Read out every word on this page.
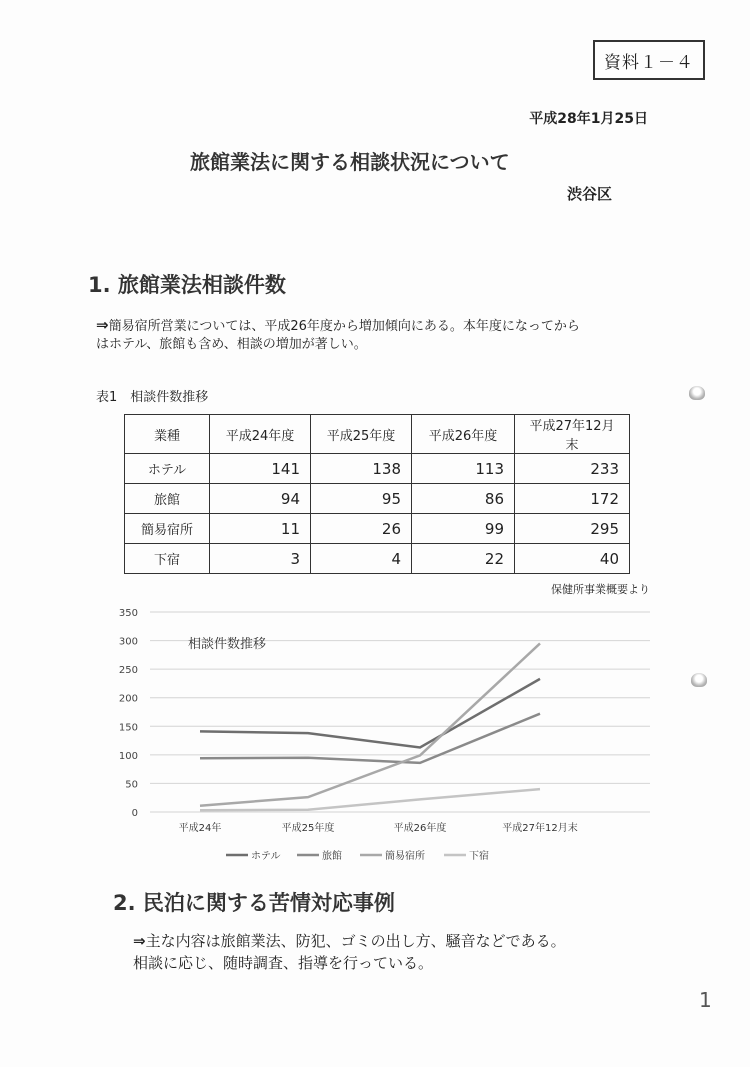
資料１－４
平成28年1月25日
旅館業法に関する相談状況について
渋谷区
1. 旅館業法相談件数
⇒簡易宿所営業については、平成26年度から増加傾向にある。本年度になってから
はホテル、旅館も含め、相談の増加が著しい。
表1　相談件数推移
業種	平成24年度	平成25年度	平成26年度	平成27年12月末
ホテル	141	138	113	233
旅館	94	95	86	172
簡易宿所	11	26	99	295
下宿	3	4	22	40
保健所事業概要より
0
50
100
150
200
250
300
350
平成24年	平成25年度	平成26年度	平成27年12月末
相談件数推移
ホテル	旅館	簡易宿所	下宿
2. 民泊に関する苦情対応事例
⇒主な内容は旅館業法、防犯、ゴミの出し方、騒音などである。
相談に応じ、随時調査、指導を行っている。
1
